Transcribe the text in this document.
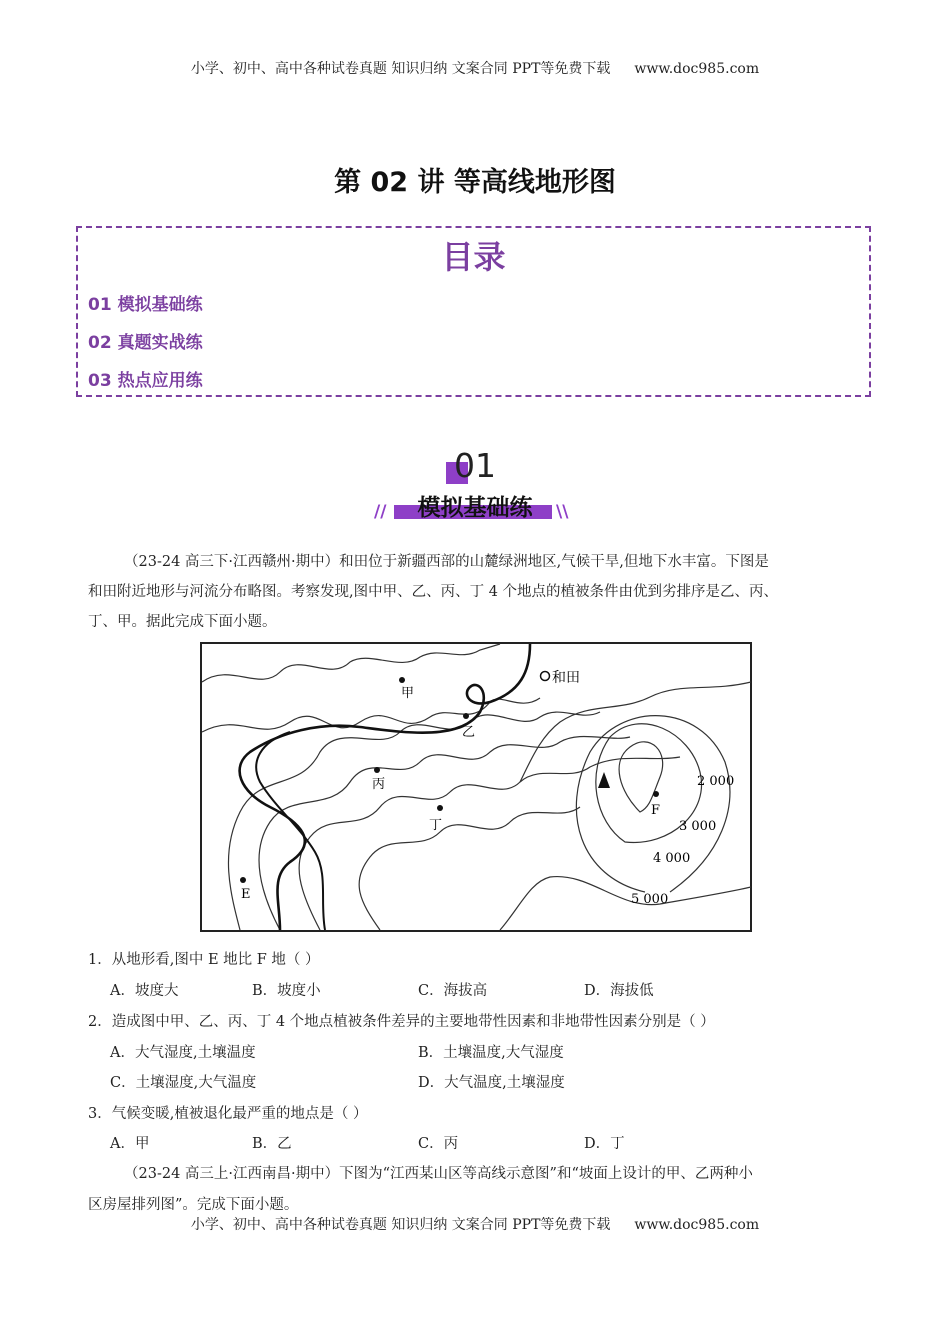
小学、初中、高中各种试卷真题 知识归纳 文案合同 PPT等免费下载 www.doc985.com
第 02 讲 等高线地形图
目录
01 模拟基础练
02 真题实战练
03 热点应用练
01
模拟基础练
//	\\
（23-24 高三下·江西赣州·期中）和田位于新疆西部的山麓绿洲地区,气候干旱,但地下水丰富。下图是
和田附近地形与河流分布略图。考察发现,图中甲、乙、丙、丁 4 个地点的植被条件由优到劣排序是乙、丙、
丁、甲。据此完成下面小题。
和田
甲
乙
丙
丁
E
F
2 000
3 000
4 000
5 000
1．从地形看,图中 E 地比 F 地（ ）
A．坡度大	B．坡度小	C．海拔高	D．海拔低
2．造成图中甲、乙、丙、丁 4 个地点植被条件差异的主要地带性因素和非地带性因素分别是（ ）
A．大气湿度,土壤温度	B．土壤温度,大气湿度
C．土壤湿度,大气温度	D．大气温度,土壤湿度
3．气候变暖,植被退化最严重的地点是（ ）
A．甲	B．乙	C．丙	D．丁
（23-24 高三上·江西南昌·期中）下图为“江西某山区等高线示意图”和“坡面上设计的甲、乙两种小
区房屋排列图”。完成下面小题。
小学、初中、高中各种试卷真题 知识归纳 文案合同 PPT等免费下载 www.doc985.com
